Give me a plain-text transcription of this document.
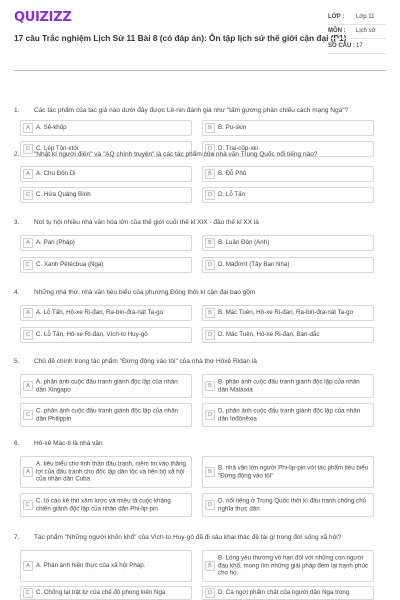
QUIZIZZ
17 câu Trắc nghiệm Lịch Sử 11 Bài 8 (có đáp án): Ôn tập lịch sử thế giới cận đại (P1)
LỚP :	Lớp 11
MÔN :	Lịch sử
SỐ CÂU : 17
1. Các tác phẩm của tác giả nào dưới đây được Lê-nin đánh giá như "tấm gương phản chiếu cách mạng Nga"?
A A. Sê-khốp	B B. Pu-skin
C C. Lép Tôn-xtôi	D D. Trai-cốp-xki
2. "Nhật kí người điên" và "AQ chính truyện" là các tác phẩm của nhà văn Trung Quốc nổi tiếng nào?
A A. Chu Đôn Di	B B. Đỗ Phủ
C C. Hứa Quảng Bình	D D. Lỗ Tấn
3. Nơi tụ hội nhiều nhà văn hóa lớn của thế giới cuối thế kỉ XIX - đầu thế kỉ XX là
A A. Pari (Pháp)	B B. Luân Đôn (Anh)
C C. Xanh Pêtécbua (Nga)	D D. Mađơrít (Tây Ban Nha)
4. Những nhà thơ, nhà văn tiêu biểu của phương Đông thời kì cận đại bao gồm
A A. Lỗ Tấn, Hô-xe Ri-đan, Ra-bin-đra-nát Ta-go	B B. Mác Tuên, Hô-xe Ri-đan, Ra-bin-đra-nát Ta-go
C C. Lỗ Tấn, Hô-xe Ri-đan, Vích-to Huy-gô	D D. Mác Tuên, Hô-xe Ri-đan, Ban-dắc
5. Chủ đề chính trong tác phẩm "Đừng động vào tôi" của nhà thơ Hôxê Ridan là
A
A. phản ánh cuộc đấu tranh giành độc lập của nhân dân Xingapo	B
B. phản ánh cuộc đấu tranh giành độc lập của nhân dân Malaixia
C
C. phản ánh cuộc đấu tranh giành độc lập của nhân dân Philippin	D
D. phản ánh cuộc đấu tranh giành độc lập của nhân dân Inđônêxia
6. Hô-xê Mác-ti là nhà văn
A
A. tiêu biểu cho tinh thần đấu tranh, niềm tin vào thắng lợi của đấu tranh cho độc lập dân tộc và tiến bộ xã hội của nhân dân Cuba
B
B. nhà văn lớn người Phi-lip-pin với tác phẩm tiêu biểu "Đừng động vào tôi"
C
C. tố cáo kẻ thù xâm lược và miêu tả cuộc kháng chiến giành độc lập của nhân dân Phi-lip-pin	D
D. nổi tiếng ở Trung Quốc thời kì đấu tranh chống chủ nghĩa thực dân
7. Tác phẩm "Những người khốn khổ" của Vích-to Huy-gô đã đi sâu khai thác đề tài gì trong đời sống xã hội?
A A. Phản ánh hiện thực của xã hội Pháp.	B
B. Lòng yêu thương vô hạn đối với những con người đau khổ, mong tìm những giải pháp đem lại hạnh phúc cho họ.
C C. Chống lại trật tự của chế độ phong kiến Nga	D D. Ca ngợi phẩm chất của người dân Nga trong
